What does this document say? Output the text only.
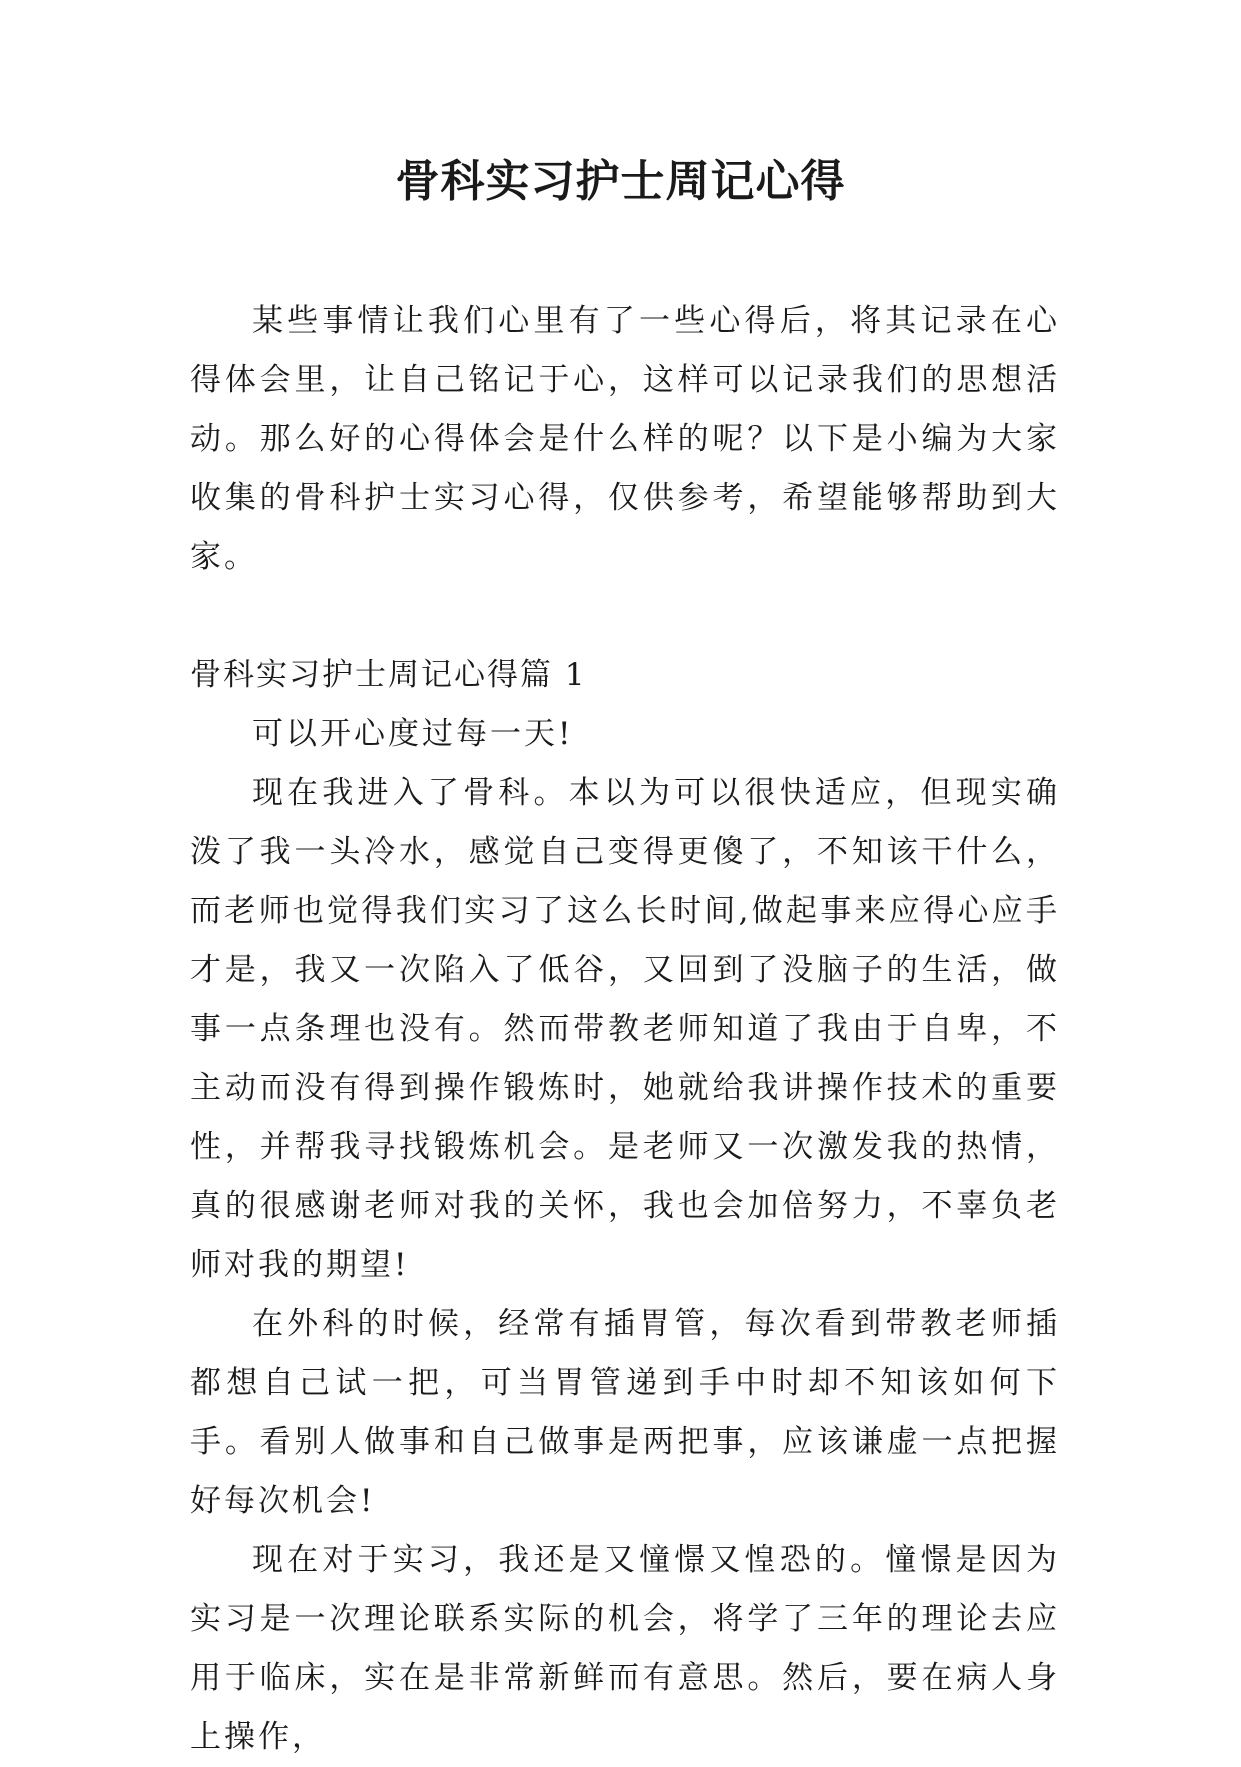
骨科实习护士周记心得

某些事情让我们心里有了一些心得后，将其记录在心得体会里，让自己铭记于心，这样可以记录我们的思想活动。那么好的心得体会是什么样的呢？以下是小编为大家收集的骨科护士实习心得，仅供参考，希望能够帮助到大家。

骨科实习护士周记心得篇 1

可以开心度过每一天!

现在我进入了骨科。本以为可以很快适应，但现实确泼了我一头冷水，感觉自己变得更傻了，不知该干什么，而老师也觉得我们实习了这么长时间,做起事来应得心应手才是，我又一次陷入了低谷，又回到了没脑子的生活，做事一点条理也没有。然而带教老师知道了我由于自卑，不主动而没有得到操作锻炼时，她就给我讲操作技术的重要性，并帮我寻找锻炼机会。是老师又一次激发我的热情，真的很感谢老师对我的关怀，我也会加倍努力，不辜负老师对我的期望!

在外科的时候，经常有插胃管，每次看到带教老师插都想自己试一把，可当胃管递到手中时却不知该如何下手。看别人做事和自己做事是两把事，应该谦虚一点把握好每次机会!

现在对于实习，我还是又憧憬又惶恐的。憧憬是因为实习是一次理论联系实际的机会，将学了三年的理论去应用于临床，实在是非常新鲜而有意思。然后，要在病人身上操作，
